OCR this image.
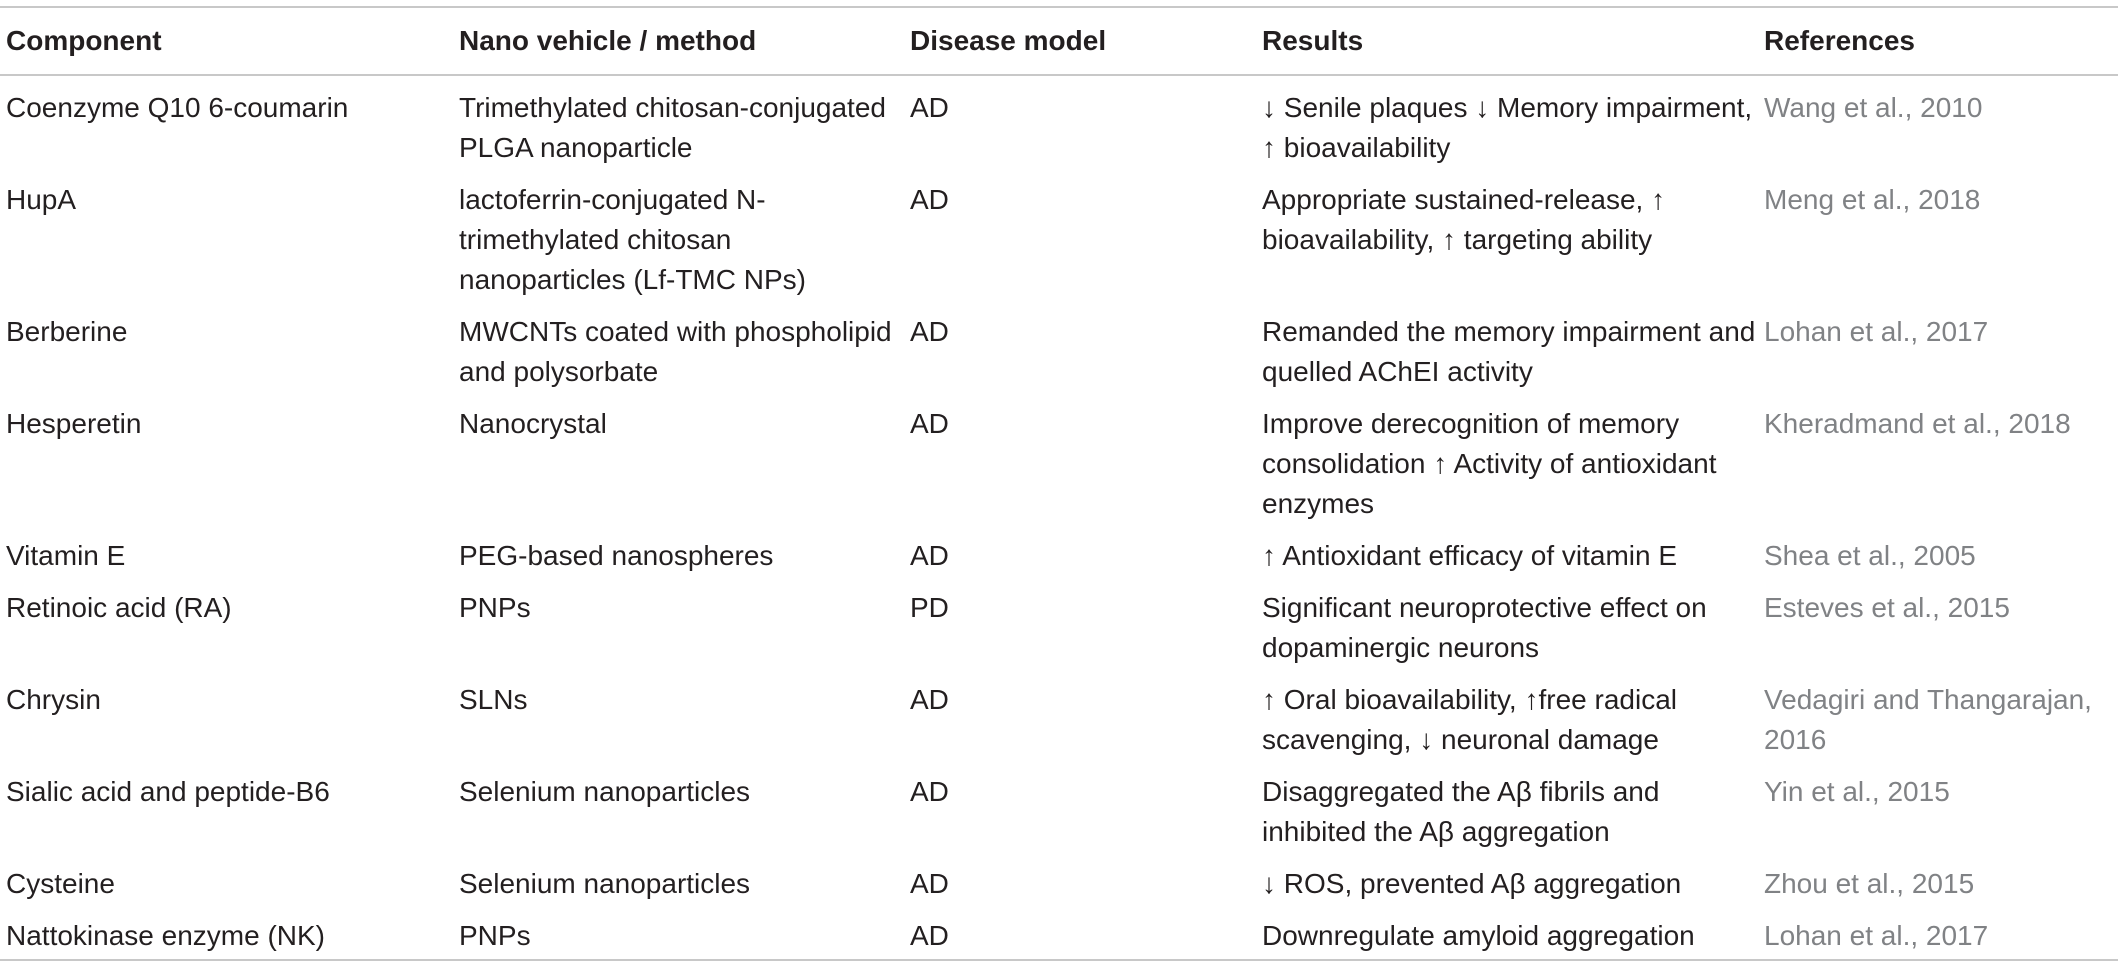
Component	Nano vehicle / method	Disease model	Results	References
Coenzyme Q10 6-coumarin	Trimethylated chitosan-conjugated PLGA nanoparticle	AD	↓ Senile plaques ↓ Memory impairment, ↑ bioavailability	Wang et al., 2010
HupA	lactoferrin-conjugated N-trimethylated chitosan nanoparticles (Lf-TMC NPs)	AD	Appropriate sustained-release, ↑ bioavailability, ↑ targeting ability	Meng et al., 2018
Berberine	MWCNTs coated with phospholipid and polysorbate	AD	Remanded the memory impairment and quelled AChEI activity	Lohan et al., 2017
Hesperetin	Nanocrystal	AD	Improve derecognition of memory consolidation ↑ Activity of antioxidant enzymes	Kheradmand et al., 2018
Vitamin E	PEG-based nanospheres	AD	↑ Antioxidant efficacy of vitamin E	Shea et al., 2005
Retinoic acid (RA)	PNPs	PD	Significant neuroprotective effect on dopaminergic neurons	Esteves et al., 2015
Chrysin	SLNs	AD	↑ Oral bioavailability, ↑free radical scavenging, ↓ neuronal damage	Vedagiri and Thangarajan, 2016
Sialic acid and peptide-B6	Selenium nanoparticles	AD	Disaggregated the Aβ fibrils and inhibited the Aβ aggregation	Yin et al., 2015
Cysteine	Selenium nanoparticles	AD	↓ ROS, prevented Aβ aggregation	Zhou et al., 2015
Nattokinase enzyme (NK)	PNPs	AD	Downregulate amyloid aggregation	Lohan et al., 2017
